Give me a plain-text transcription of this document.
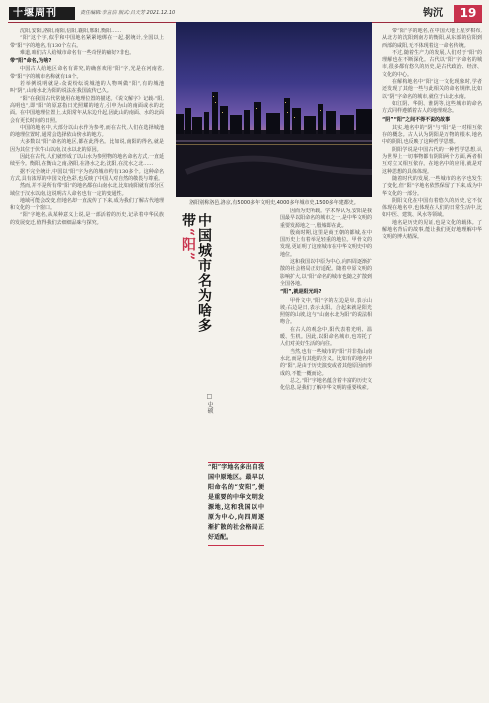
十堰周刊	责任编辑:李言信 版式:吕天芳 2021.12.10	钩沉	19

沈阳,安阳,洛阳,南阳,信阳,襄阳,邢阳,衡阳……

“阳”这个字,似乎和中国地名紧紧地绑在一起,据统计,全国以上带“阳”字的地名,有130个左右。

难道,咱们古人给城市命名有一些奇怪的癖好?非也。

带“阳”命名,为啥?

中国古人给地区命名有讲究,的确喜欢用“阳”字,光是在河南省,带“阳”字的城市名称就有18个。

若举例说明就是:众说纷纭说城池的人物叫做“阳”,有的城池叫“阴”,山南水北为阳的说法在我国流传已久。

“阳”在我国古代常使用在地理位置的描述。《说文解字》记载:“阳,高明也”,即“阳”的原意指日光照耀的地方,引申为山的南面或水的北面。在中国地理位置上,太阳常年从东边升起,因此山的南面、水的北面会有更长时间的日照。

中国的地名中,大部分以山水作为参考,而在古代,人们在选择城池的地理位置时,通常会选择依山傍水的地方。

大多数以“阳”命名的地区,都在此得名。比如说,南阳的得名,就是因为其位于伏牛山以南,汉水以北的原因。

因此在古代,人们就形成了以山水为参照物的地名命名方式,一直延续至今。衡阳,在衡山之南;洛阳,在洛水之北;沈阳,在沈水之北……

据不完全统计,中国以“阳”字为名的城市约有130多个。这种命名方式,具有浓厚的中国文化色彩,也反映了中国人对自然的敬畏与尊重。

然而,并不是所有带“阳”的地名都在山南水北,比如南阳就有部分区域位于汉水以南,这说明古人命名也有一定的变通性。

地域可能会改变,但地名却一直流传了下来,成为我们了解古代地理和文化的一个窗口。

“阳”字地名,从某种意义上说,是一部活着的历史,记录着中华民族的发展变迁,值得我们去细细品味与探究。

洛阳别称洛邑,洛京,有5000多年文明史,4000多年城市史,1500多年建都史。
中国城市名为啥多带“阳”
□ 史硕
“阳”字地名多出自我国中原地区。最早以阳命名的“安阳”,便是重要的中华文明发源地,这和我国以中原为中心,向四周逐渐扩散的社会格局正好适配。

因而为史所载。学术界认为,安阳是我国最早以阳命名的城市之一,是中华文明的重要发源地之一,殷墟即在此。

殷商时期,这里是商王朝的都城,在中国历史上有着举足轻重的地位。甲骨文的发现,更证明了这座城市在中华文明史中的地位。

这和我国以中原为中心,向四周逐渐扩散的社会格局正好适配。随着中原文明的影响扩大,以“阳”命名的城市也随之扩散到全国各地。

“阳”,就是阳光吗?

甲骨文中,“阳”字的左边是阜,表示山坡;右边是日,表示太阳。合起来就是阳光照射的山坡,这与“山南水北为阳”的说法相吻合。

在古人的观念中,阳代表着光明、温暖、生机。因此,以阳命名城市,也寄托了人们对美好生活的向往。

当然,也有一些城市的“阳”并非指山南水北,而是有其他的含义。比如有的地名中的“阳”,是由于历史演变或者其他原因而形成的,不能一概而论。

总之,“阳”字地名蕴含着丰富的历史文化信息,是我们了解中华文明的重要线索。

带“阳”字的地名,在中国大地上星罗棋布,从北方的沈阳到南方的衡阳,从东部的信阳到西部的咸阳,无不体现着这一命名传统。

不过,随着生产力的发展,人们对于“阳”的理解也在不断深化。古代以“阳”字命名的城市,很多都有悠久的历史,是古代政治、经济、文化的中心。

在解构地名中“阳”这一文化现象时,学者还发现了其他一些与此相关的命名规律,比如以“阴”字命名的城市,就位于山北水南。

如江阴、华阴、淮阴等,这些城市的命名方式同样遵循着古人的地理观念。

“阴”“阳”之间不得不说的故事

其实,地名中的“阴”与“阳”是一对相互依存的概念。古人认为阴阳是万物的根本,地名中的阴阳,也反映了这种哲学思想。

阴阳学说是中国古代的一种哲学思想,认为世界上一切事物都有阴阳两个方面,两者相互对立又相互依存。在地名中的应用,就是对这种思想的具体体现。

随着时代的发展,一些城市的名字也发生了变化,但“阳”字地名依然保留了下来,成为中华文化的一部分。

阴阳文化在中国有着悠久的历史,它不仅体现在地名中,也体现在人们的日常生活中,比如中医、建筑、风水等领域。

地名是历史的见证,也是文化的载体。了解地名背后的故事,能让我们更好地理解中华文明的博大精深。
